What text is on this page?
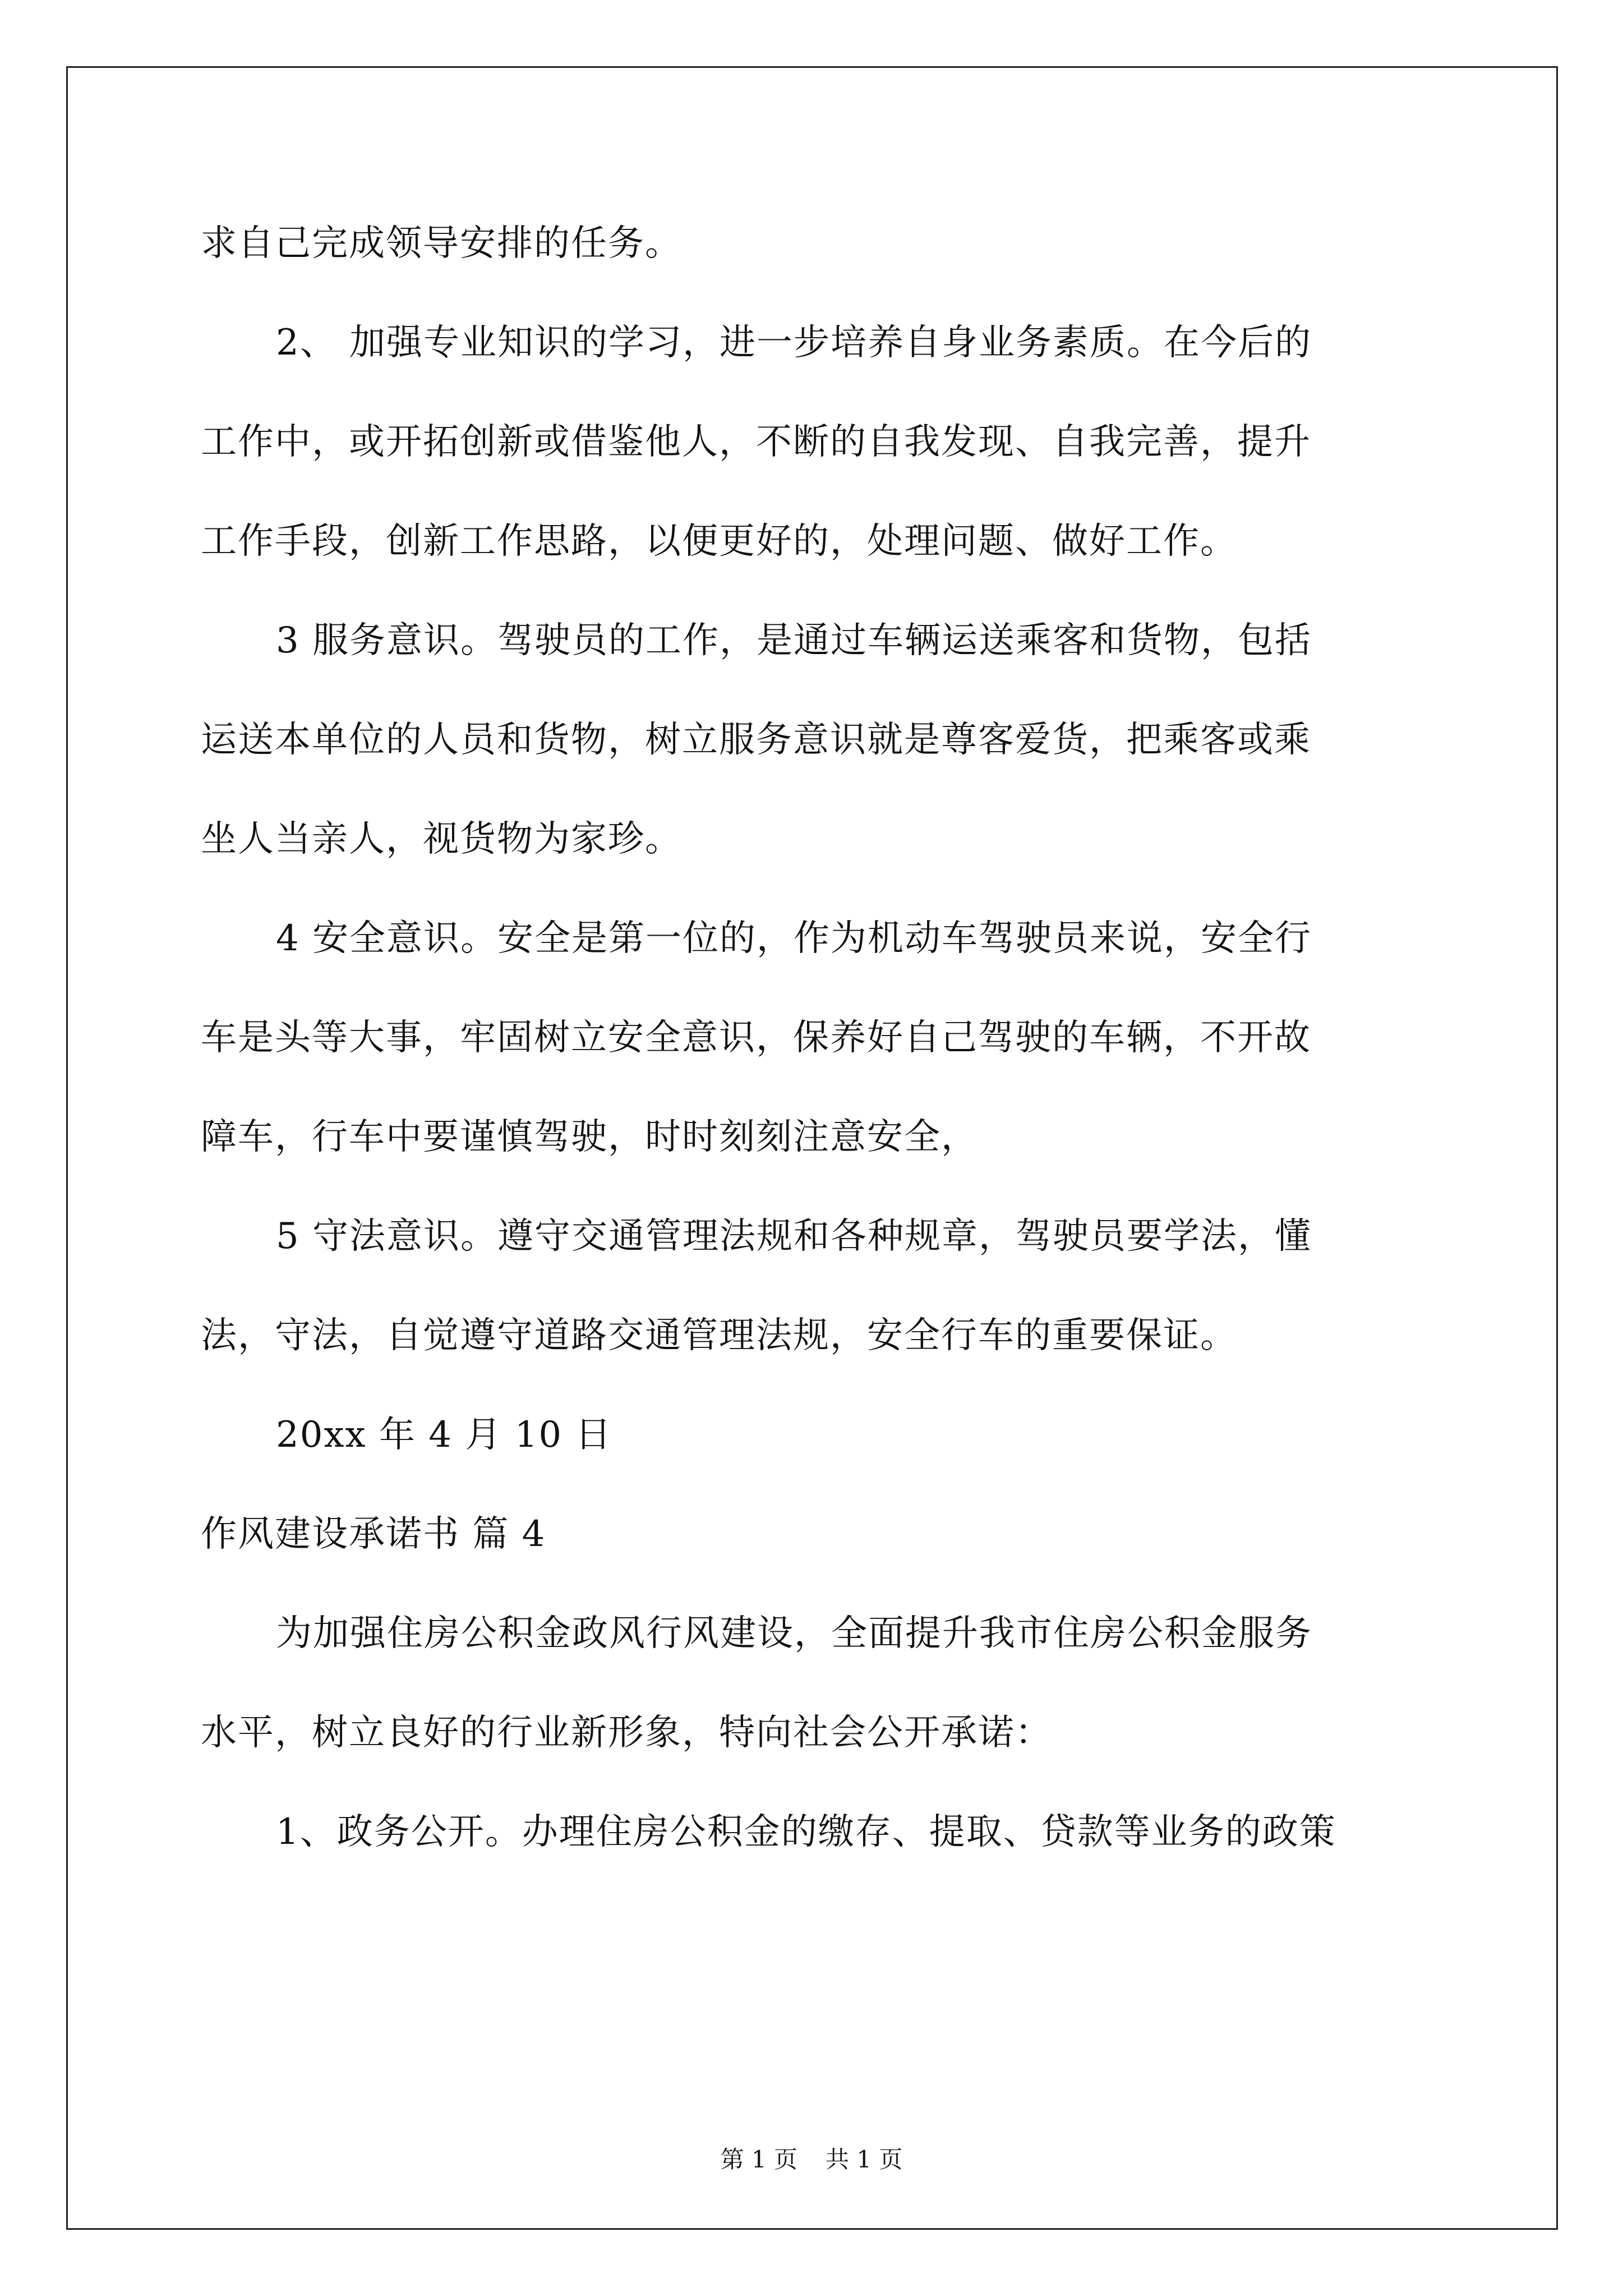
求自己完成领导安排的任务。
2、 加强专业知识的学习，进一步培养自身业务素质。在今后的
工作中，或开拓创新或借鉴他人，不断的自我发现、自我完善，提升
工作手段，创新工作思路，以便更好的，处理问题、做好工作。
3 服务意识。驾驶员的工作，是通过车辆运送乘客和货物，包括
运送本单位的人员和货物，树立服务意识就是尊客爱货，把乘客或乘
坐人当亲人，视货物为家珍。
4 安全意识。安全是第一位的，作为机动车驾驶员来说，安全行
车是头等大事，牢固树立安全意识，保养好自己驾驶的车辆，不开故
障车，行车中要谨慎驾驶，时时刻刻注意安全，
5 守法意识。遵守交通管理法规和各种规章，驾驶员要学法，懂
法，守法，自觉遵守道路交通管理法规，安全行车的重要保证。
20xx 年 4 月 10 日
作风建设承诺书 篇 4
为加强住房公积金政风行风建设，全面提升我市住房公积金服务
水平，树立良好的行业新形象，特向社会公开承诺：
1、政务公开。办理住房公积金的缴存、提取、贷款等业务的政策
第 1 页 共 1 页
